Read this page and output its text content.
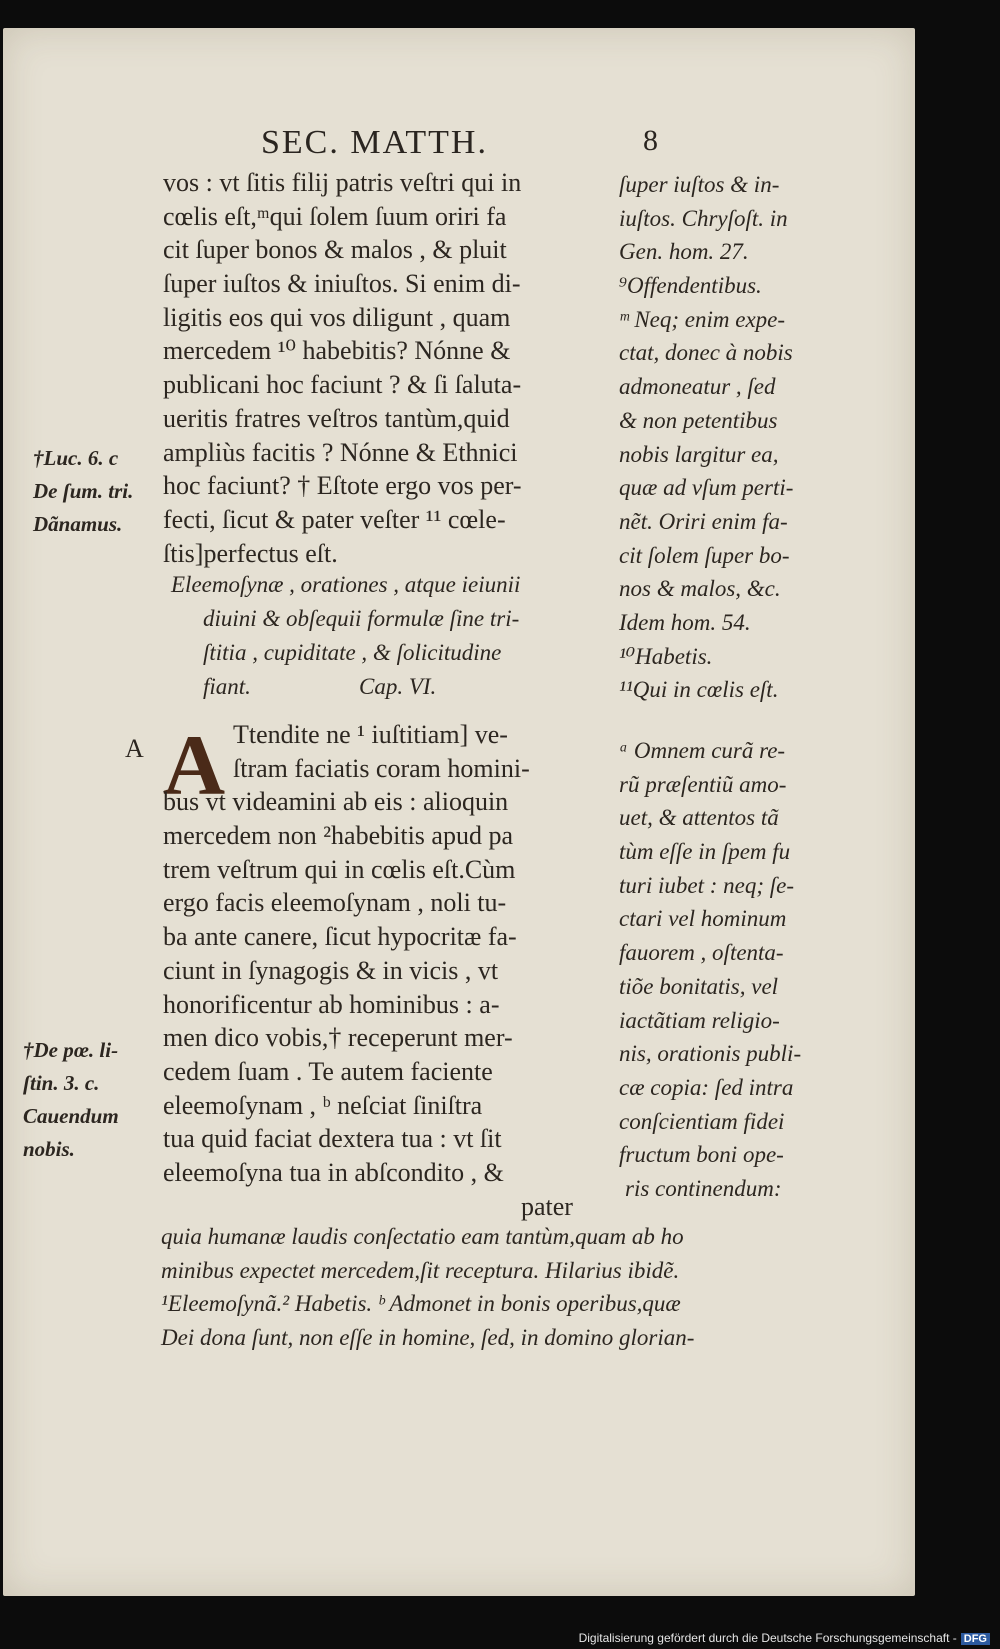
SEC. MATTH.	8
vos : vt ſitis filij patris veſtri qui in
cœlis eſt,ᵐqui ſolem ſuum oriri fa
cit ſuper bonos & malos , & pluit
ſuper iuſtos & iniuſtos. Si enim di-
ligitis eos qui vos diligunt , quam
mercedem ¹⁰ habebitis? Nónne &
publicani hoc faciunt ? & ſi ſaluta-
ueritis fratres veſtros tantùm,quid
ampliùs facitis ? Nónne & Ethnici
hoc faciunt? † Eſtote ergo vos per-
fecti, ſicut & pater veſter ¹¹ cœle-
ſtis]perfectus eſt.
Eleemoſynæ , orationes , atque ieiunii
diuini & obſequii formulæ ſine tri-
ſtitia , cupiditate , & ſolicitudine
fiant.	Cap. VI.
A A Ttendite ne ¹ iuſtitiam] ve-
ſtram faciatis coram homini-
bus vt videamini ab eis : alioquin
mercedem non ²habebitis apud pa
trem veſtrum qui in cœlis eſt.Cùm
ergo facis eleemoſynam , noli tu-
ba ante canere, ſicut hypocritæ fa-
ciunt in ſynagogis & in vicis , vt
honorificentur ab hominibus : a-
men dico vobis,† receperunt mer-
cedem ſuam . Te autem faciente
eleemoſynam , ᵇ neſciat ſiniſtra
tua quid faciat dextera tua : vt ſit
eleemoſyna tua in abſcondito , &
pater
ſuper iuſtos & in-
iuſtos. Chryſoſt. in
Gen. hom. 27.
⁹Offendentibus.
ᵐ Neq; enim expe-
ctat, donec à nobis
admoneatur , ſed
& non petentibus
nobis largitur ea,
quæ ad vſum perti-
nẽt. Oriri enim fa-
cit ſolem ſuper bo-
nos & malos, &c.
Idem hom. 54.
¹⁰Habetis.
¹¹Qui in cœlis eſt.
ᵃ Omnem curã re-
rũ præſentiũ amo-
uet, & attentos tã
tùm eſſe in ſpem fu
turi iubet : neq; ſe-
ctari vel hominum
fauorem , oſtenta-
tiõe bonitatis, vel
iactãtiam religio-
nis, orationis publi-
cæ copia: ſed intra
conſcientiam fidei
fructum boni ope-
ris continendum:
quia humanæ laudis conſectatio eam tantùm,quam ab ho
minibus expectet mercedem,ſit receptura. Hilarius ibidẽ.
¹Eleemoſynã.² Habetis. ᵇ Admonet in bonis operibus,quæ
Dei dona ſunt, non eſſe in homine, ſed, in domino glorian-
†Luc. 6. c
De ſum. tri.
Dãnamus.
†De pœ. li-
ſtin. 3. c.
Cauendum
nobis.
Digitalisierung gefördert durch die Deutsche Forschungsgemeinschaft - DFG
